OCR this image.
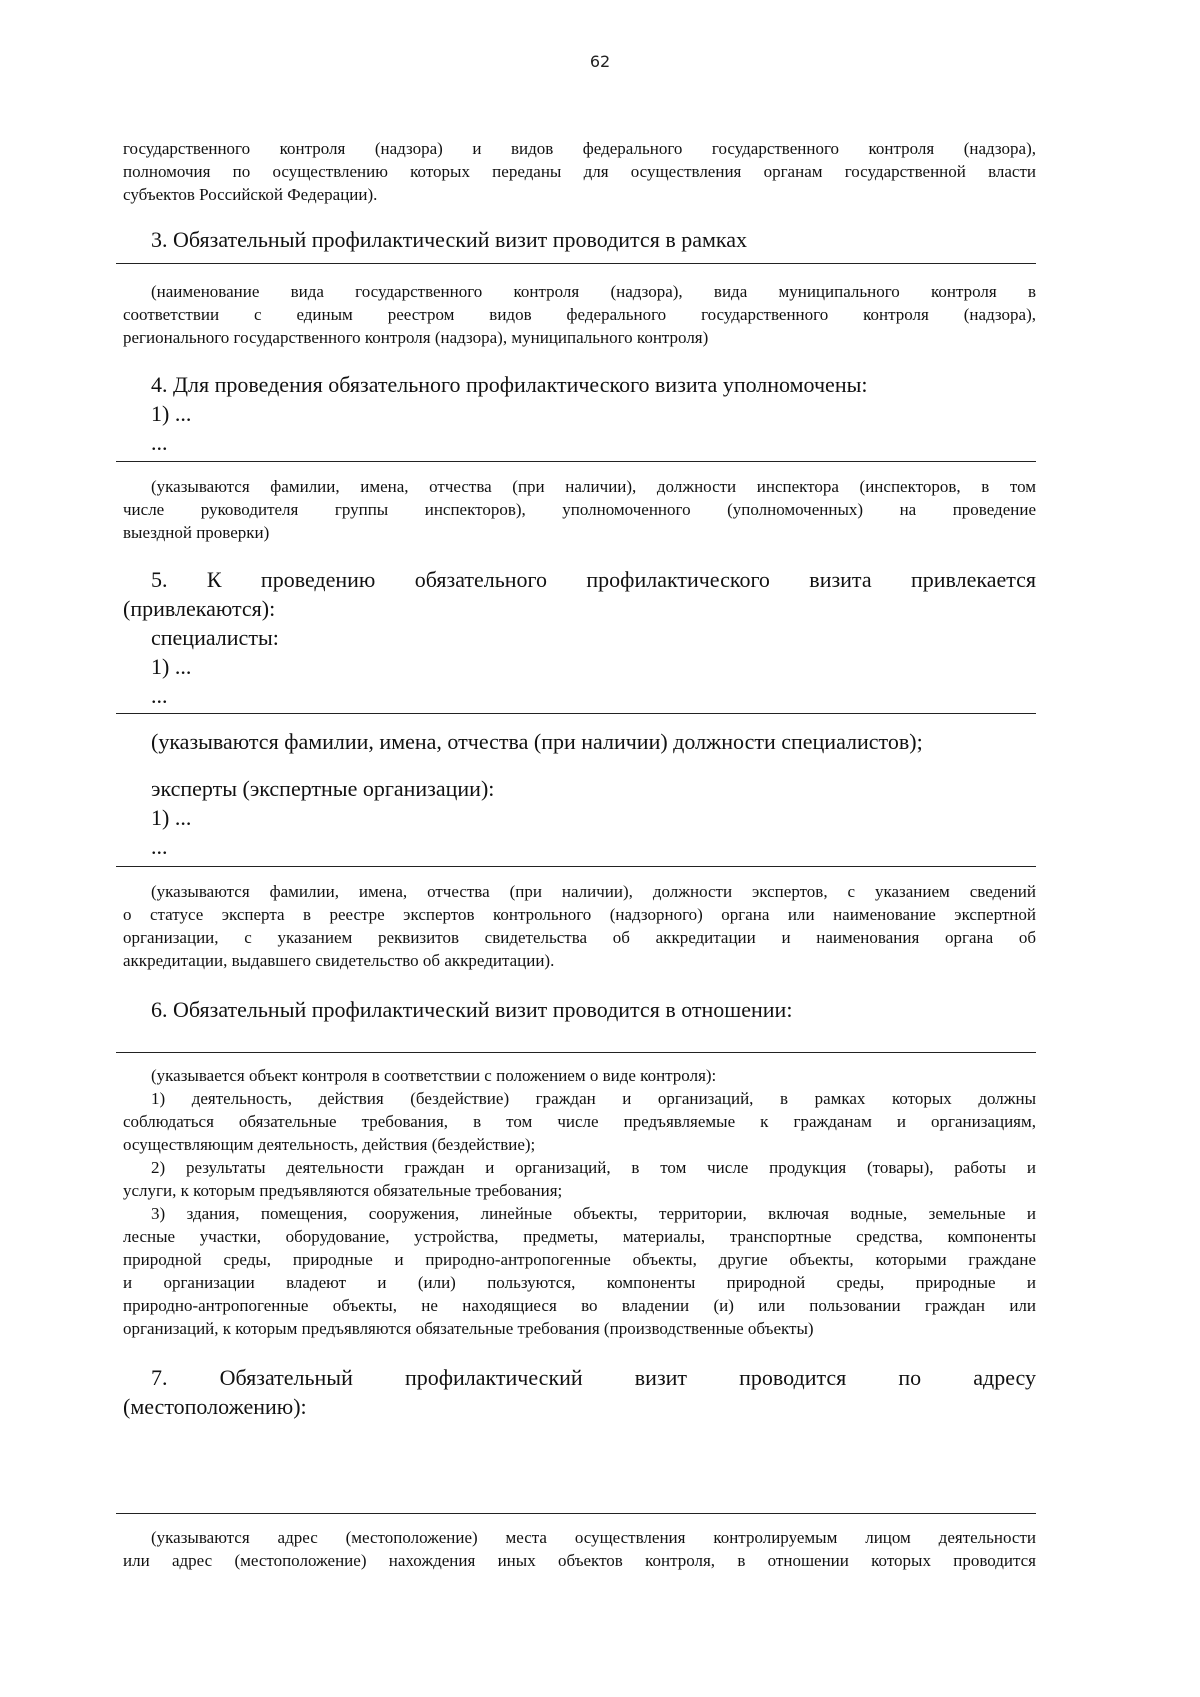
62
государственного контроля (надзора) и видов федерального государственного контроля (надзора),
полномочия по осуществлению которых переданы для осуществления органам государственной власти
субъектов Российской Федерации).
3. Обязательный профилактический визит проводится в рамках
(наименование вида государственного контроля (надзора), вида муниципального контроля в
соответствии с единым реестром видов федерального государственного контроля (надзора),
регионального государственного контроля (надзора), муниципального контроля)
4. Для проведения обязательного профилактического визита уполномочены:
1) ...
...
(указываются фамилии, имена, отчества (при наличии), должности инспектора (инспекторов, в том
числе руководителя группы инспекторов), уполномоченного (уполномоченных) на проведение
выездной проверки)
5. К проведению обязательного профилактического визита привлекается
(привлекаются):
специалисты:
1) ...
...
(указываются фамилии, имена, отчества (при наличии) должности специалистов);
эксперты (экспертные организации):
1) ...
...
(указываются фамилии, имена, отчества (при наличии), должности экспертов, с указанием сведений
о статусе эксперта в реестре экспертов контрольного (надзорного) органа или наименование экспертной
организации, с указанием реквизитов свидетельства об аккредитации и наименования органа об
аккредитации, выдавшего свидетельство об аккредитации).
6. Обязательный профилактический визит проводится в отношении:
(указывается объект контроля в соответствии с положением о виде контроля):
1) деятельность, действия (бездействие) граждан и организаций, в рамках которых должны
соблюдаться обязательные требования, в том числе предъявляемые к гражданам и организациям,
осуществляющим деятельность, действия (бездействие);
2) результаты деятельности граждан и организаций, в том числе продукция (товары), работы и
услуги, к которым предъявляются обязательные требования;
3) здания, помещения, сооружения, линейные объекты, территории, включая водные, земельные и
лесные участки, оборудование, устройства, предметы, материалы, транспортные средства, компоненты
природной среды, природные и природно-антропогенные объекты, другие объекты, которыми граждане
и организации владеют и (или) пользуются, компоненты природной среды, природные и
природно-антропогенные объекты, не находящиеся во владении (и) или пользовании граждан или
организаций, к которым предъявляются обязательные требования (производственные объекты)
7. Обязательный профилактический визит проводится по адресу
(местоположению):
(указываются адрес (местоположение) места осуществления контролируемым лицом деятельности
или адрес (местоположение) нахождения иных объектов контроля, в отношении которых проводится
